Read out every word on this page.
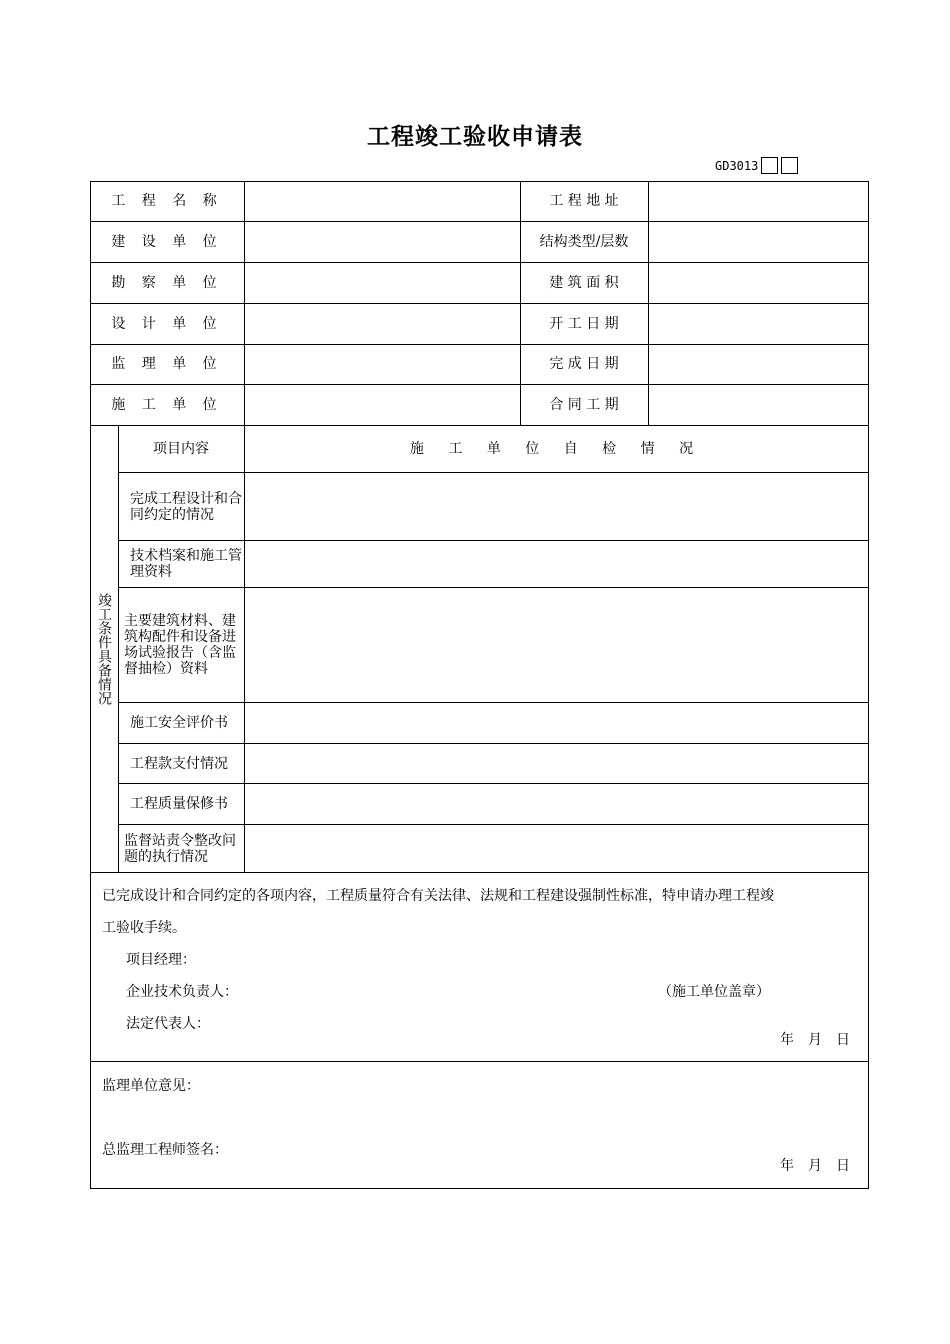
工程竣工验收申请表
GD3013
工 程 名 称	工 程 地 址
建 设 单 位	结构类型/层数
勘 察 单 位	建 筑 面 积
设 计 单 位	开 工 日 期
监 理 单 位	完 成 日 期
施 工 单 位	合 同 工 期
竣工条件具备情况
项目内容	施 工 单 位 自 检 情 况
完成工程设计和合同约定的情况
技术档案和施工管理资料
主要建筑材料、建筑构配件和设备进场试验报告（含监督抽检）资料
施工安全评价书
工程款支付情况
工程质量保修书
监督站责令整改问题的执行情况
已完成设计和合同约定的各项内容，工程质量符合有关法律、法规和工程建设强制性标准，特申请办理工程竣
工验收手续。
项目经理：
企业技术负责人：	（施工单位盖章）
法定代表人：
年　月　日
监理单位意见：
总监理工程师签名：
年　月　日
